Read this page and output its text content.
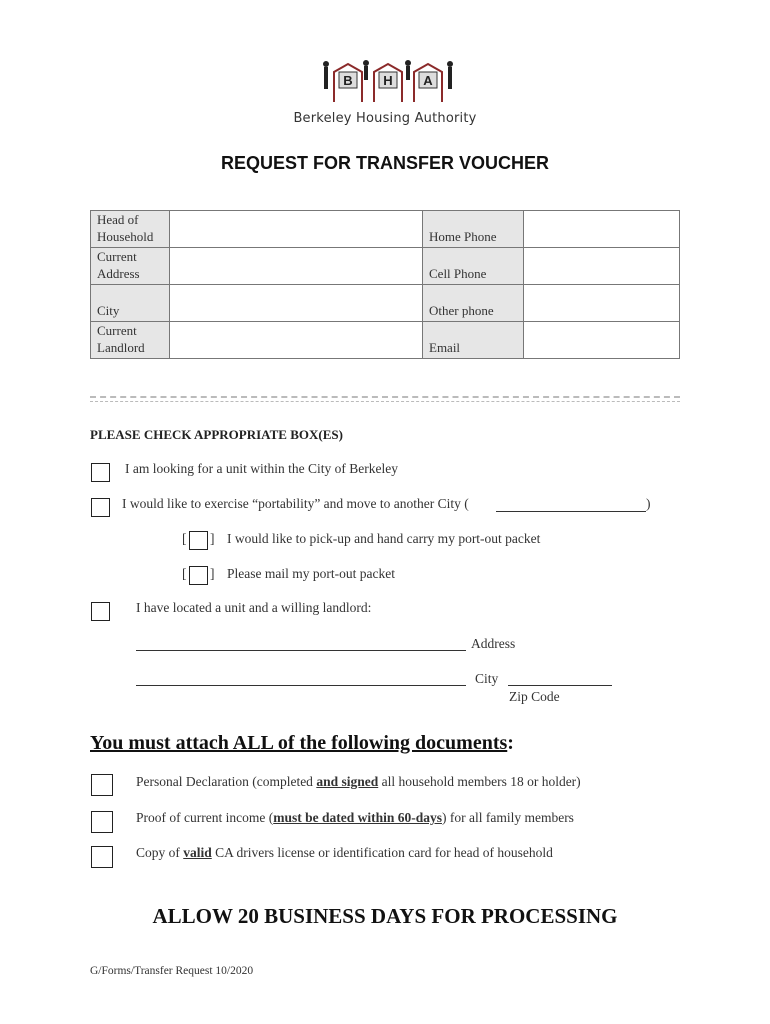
B H A
Berkeley Housing Authority
REQUEST FOR TRANSFER VOUCHER
Head of Household		Home Phone	
Current Address		Cell Phone	
City		Other phone	
Current Landlord		Email	
PLEASE CHECK APPROPRIATE BOX(ES)
I am looking for a unit within the City of Berkeley
I would like to exercise “portability” and move to another City (	)
[ ] I would like to pick-up and hand carry my port-out packet
[ ] Please mail my port-out packet
I have located a unit and a willing landlord:
Address
City
Zip Code
You must attach ALL of the following documents:
Personal Declaration (completed and signed all household members 18 or holder)
Proof of current income (must be dated within 60-days) for all family members
Copy of valid CA drivers license or identification card for head of household
ALLOW 20 BUSINESS DAYS FOR PROCESSING
G/Forms/Transfer Request 10/2020
